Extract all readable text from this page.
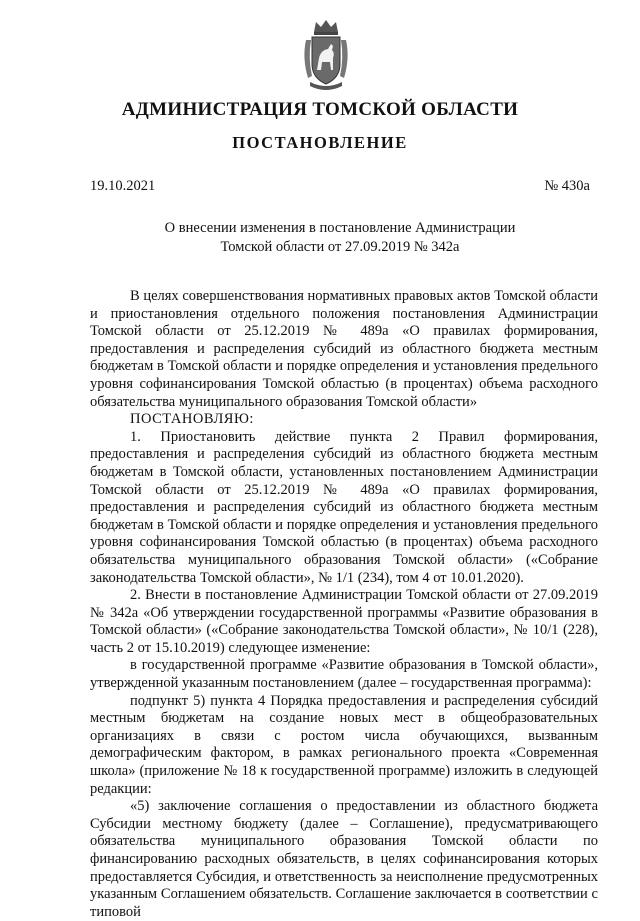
АДМИНИСТРАЦИЯ ТОМСКОЙ ОБЛАСТИ
ПОСТАНОВЛЕНИЕ
19.10.2021	№ 430а
О внесении изменения в постановление Администрации Томской области от 27.09.2019 № 342а

В целях совершенствования нормативных правовых актов Томской области и приостановления отдельного положения постановления Администрации Томской области от 25.12.2019 № 489а «О правилах формирования, предоставления и распределения субсидий из областного бюджета местным бюджетам в Томской области и порядке определения и установления предельного уровня софинансирования Томской областью (в процентах) объема расходного обязательства муниципального образования Томской области»

ПОСТАНОВЛЯЮ:

1. Приостановить действие пункта 2 Правил формирования, предоставления и распределения субсидий из областного бюджета местным бюджетам в Томской области, установленных постановлением Администрации Томской области от 25.12.2019 № 489а «О правилах формирования, предоставления и распределения субсидий из областного бюджета местным бюджетам в Томской области и порядке определения и установления предельного уровня софинансирования Томской областью (в процентах) объема расходного обязательства муниципального образования Томской области» («Собрание законодательства Томской области», № 1/1 (234), том 4 от 10.01.2020).

2. Внести в постановление Администрации Томской области от 27.09.2019 № 342а «Об утверждении государственной программы «Развитие образования в Томской области» («Собрание законодательства Томской области», № 10/1 (228), часть 2 от 15.10.2019) следующее изменение:

в государственной программе «Развитие образования в Томской области», утвержденной указанным постановлением (далее – государственная программа):

подпункт 5) пункта 4 Порядка предоставления и распределения субсидий местным бюджетам на создание новых мест в общеобразовательных организациях в связи с ростом числа обучающихся, вызванным демографическим фактором, в рамках регионального проекта «Современная школа» (приложение № 18 к государственной программе) изложить в следующей редакции:

«5) заключение соглашения о предоставлении из областного бюджета Субсидии местному бюджету (далее – Соглашение), предусматривающего обязательства муниципального образования Томской области по финансированию расходных обязательств, в целях софинансирования которых предоставляется Субсидия, и ответственность за неисполнение предусмотренных указанным Соглашением обязательств. Соглашение заключается в соответствии с типовой
